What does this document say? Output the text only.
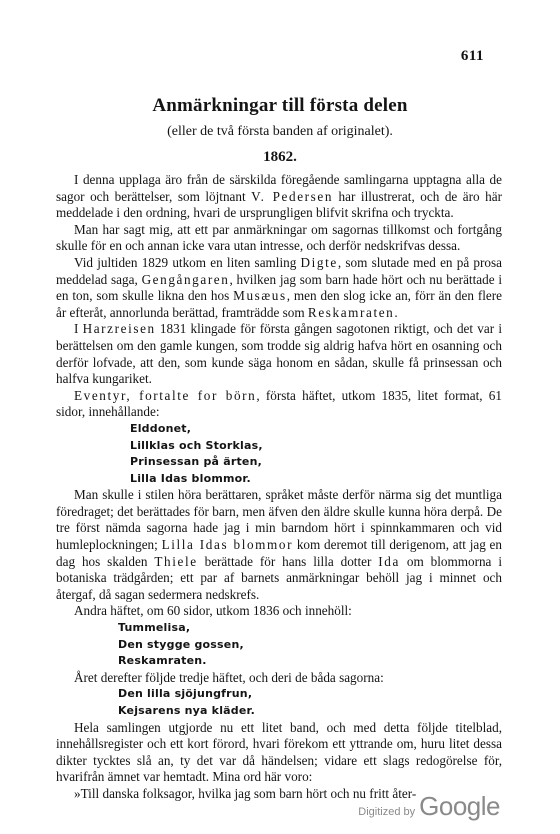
611
Anmärkningar till första delen
(eller de två första banden af originalet).
1862.

I denna upplaga äro från de särskilda föregående samlingarna upptagna alla de sagor och berättelser, som löjtnant V. Pedersen har illustrerat, och de äro här meddelade i den ordning, hvari de ursprungligen blifvit skrifna och tryckta.

Man har sagt mig, att ett par anmärkningar om sagornas tillkomst och fortgång skulle för en och annan icke vara utan intresse, och derför nedskrifvas dessa.

Vid jultiden 1829 utkom en liten samling Digte, som slutade med en på prosa meddelad saga, Gengångaren, hvilken jag som barn hade hört och nu berättade i en ton, som skulle likna den hos Musæus, men den slog icke an, förr än den flere år efteråt, annorlunda berättad, framträdde som Reskamraten.

I Harzreisen 1831 klingade för första gången sagotonen riktigt, och det var i berättelsen om den gamle kungen, som trodde sig aldrig hafva hört en osanning och derför lofvade, att den, som kunde säga honom en sådan, skulle få prinsessan och halfva kungariket.

Eventyr, fortalte for börn, första häftet, utkom 1835, litet format, 61 sidor, innehållande:

Elddonet,
Lillklas och Storklas,
Prinsessan på ärten,
Lilla Idas blommor.

Man skulle i stilen höra berättaren, språket måste derför närma sig det muntliga föredraget; det berättades för barn, men äfven den äldre skulle kunna höra derpå. De tre först nämda sagorna hade jag i min barndom hört i spinnkammaren och vid humleplockningen; Lilla Idas blommor kom deremot till derigenom, att jag en dag hos skalden Thiele berättade för hans lilla dotter Ida om blommorna i botaniska trädgården; ett par af barnets anmärkningar behöll jag i minnet och återgaf, då sagan sedermera nedskrefs.

Andra häftet, om 60 sidor, utkom 1836 och innehöll:

Tummelisa,
Den stygge gossen,
Reskamraten.

Året derefter följde tredje häftet, och deri de båda sagorna:

Den lilla sjöjungfrun,
Kejsarens nya kläder.

Hela samlingen utgjorde nu ett litet band, och med detta följde titelblad, innehållsregister och ett kort förord, hvari förekom ett yttrande om, huru litet dessa dikter tycktes slå an, ty det var då händelsen; vidare ett slags redogörelse för, hvarifrån ämnet var hemtadt. Mina ord här voro:

»Till danska folksagor, hvilka jag som barn hört och nu fritt åter-

Digitized by Google
